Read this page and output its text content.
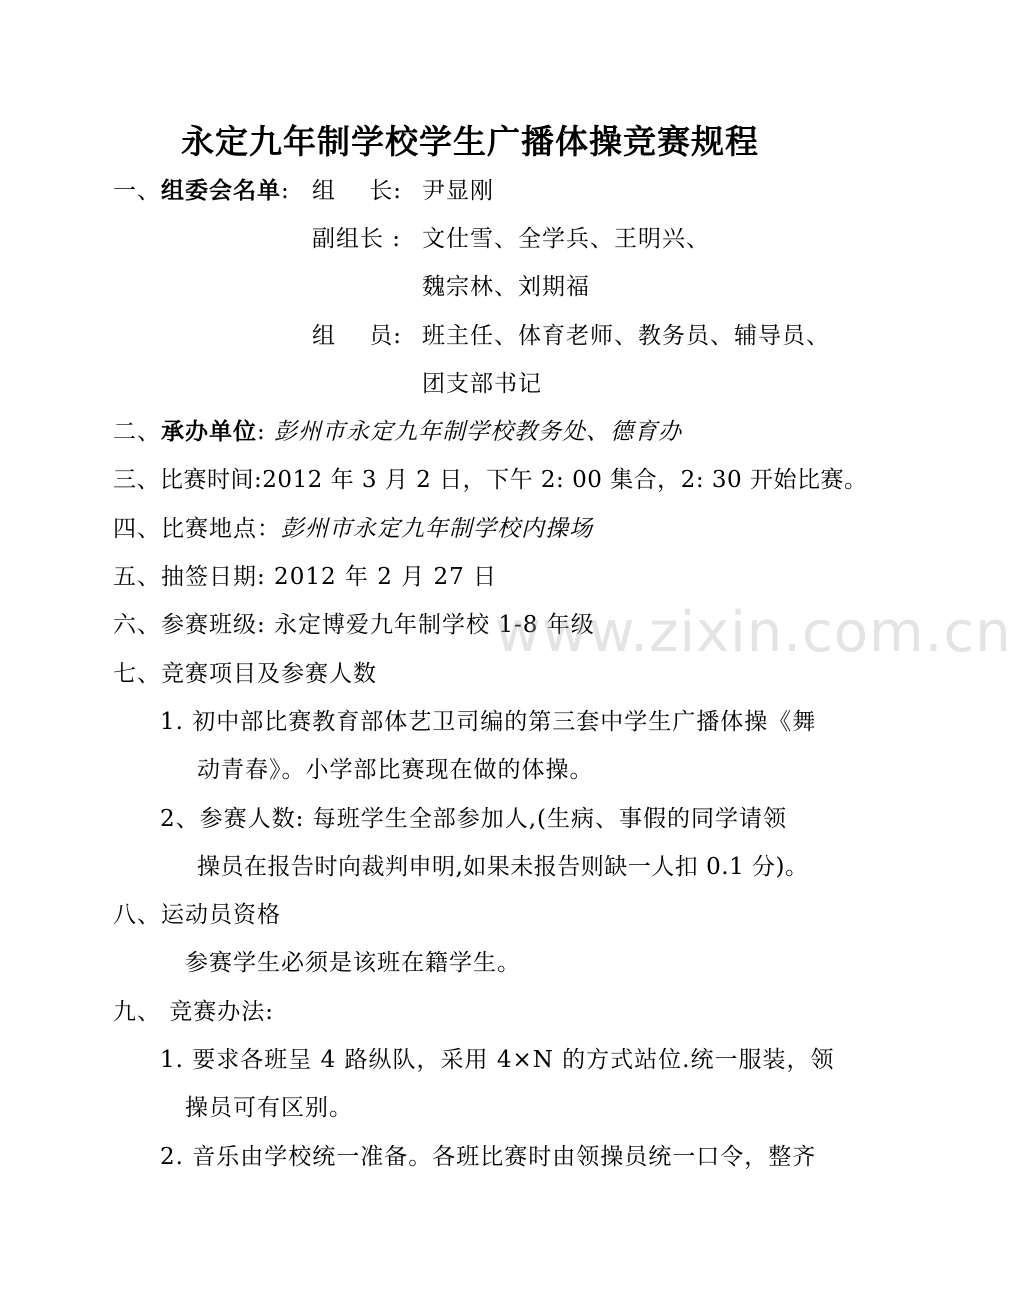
永定九年制学校学生广播体操竞赛规程
一、组委会名单: 组    长: 尹显刚
副组长 : 文仕雪、全学兵、王明兴、
魏宗林、刘期福
组    员: 班主任、体育老师、教务员、辅导员、
团支部书记
二、承办单位: 彭州市永定九年制学校教务处、德育办
三、比赛时间:2012 年 3 月 2 日，下午 2: 00 集合，2: 30 开始比赛。
四、比赛地点：彭州市永定九年制学校内操场
五、抽签日期: 2012 年 2 月 27 日
六、参赛班级: 永定博爱九年制学校 1-8 年级
www.zixin.com.cn
七、竞赛项目及参赛人数
1. 初中部比赛教育部体艺卫司编的第三套中学生广播体操《舞
动青春》。小学部比赛现在做的体操。
2、参赛人数: 每班学生全部参加人,(生病、事假的同学请领
操员在报告时向裁判申明,如果未报告则缺一人扣 0.1 分)。
八、运动员资格
参赛学生必须是该班在籍学生。
九、 竞赛办法:
1. 要求各班呈 4 路纵队，采用 4×N 的方式站位.统一服装，领
操员可有区别。
2. 音乐由学校统一准备。各班比赛时由领操员统一口令，整齐
